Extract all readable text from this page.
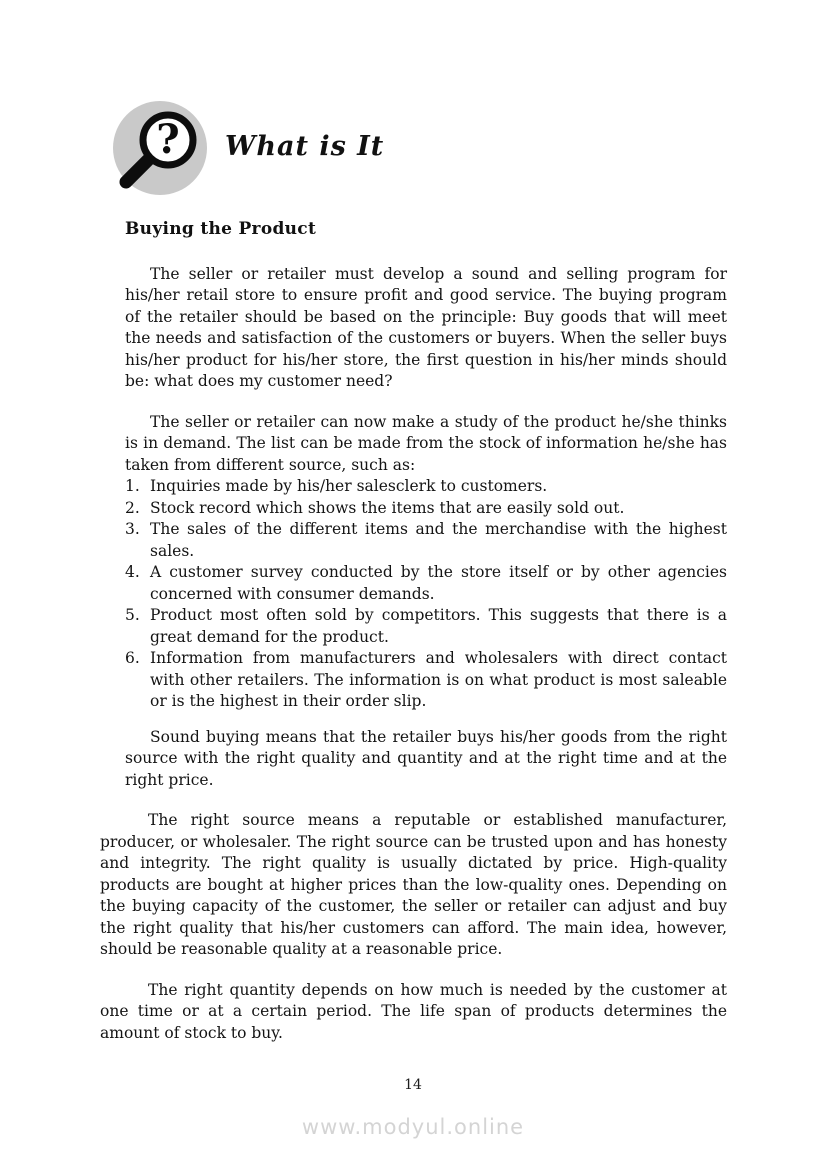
? What is It
Buying the Product

The seller or retailer must develop a sound and selling program for his/her retail store to ensure profit and good service. The buying program of the retailer should be based on the principle: Buy goods that will meet the needs and satisfaction of the customers or buyers. When the seller buys his/her product for his/her store, the first question in his/her minds should be: what does my customer need?

The seller or retailer can now make a study of the product he/she thinks is in demand. The list can be made from the stock of information he/she has taken from different source, such as:

1. Inquiries made by his/her salesclerk to customers.
2. Stock record which shows the items that are easily sold out.
3. The sales of the different items and the merchandise with the highest sales.
4. A customer survey conducted by the store itself or by other agencies concerned with consumer demands.
5. Product most often sold by competitors. This suggests that there is a great demand for the product.
6. Information from manufacturers and wholesalers with direct contact with other retailers. The information is on what product is most saleable or is the highest in their order slip.

Sound buying means that the retailer buys his/her goods from the right source with the right quality and quantity and at the right time and at the right price.

The right source means a reputable or established manufacturer, producer, or wholesaler. The right source can be trusted upon and has honesty and integrity. The right quality is usually dictated by price. High-quality products are bought at higher prices than the low-quality ones. Depending on the buying capacity of the customer, the seller or retailer can adjust and buy the right quality that his/her customers can afford. The main idea, however, should be reasonable quality at a reasonable price.

The right quantity depends on how much is needed by the customer at one time or at a certain period. The life span of products determines the amount of stock to buy.

14
www.modyul.online
